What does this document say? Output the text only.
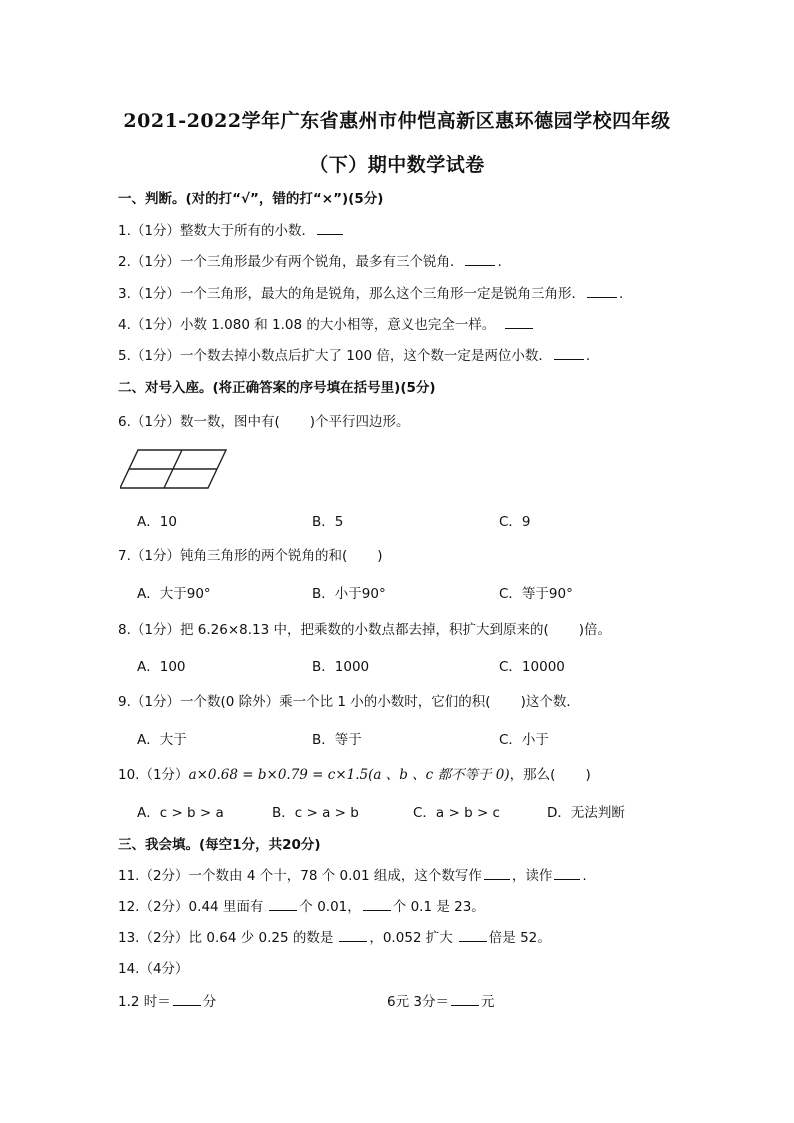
2021-2022学年广东省惠州市仲恺高新区惠环德园学校四年级
（下）期中数学试卷
一、判断。(对的打“√”，错的打“×”)(5分)
1.（1分）整数大于所有的小数．
2.（1分）一个三角形最少有两个锐角，最多有三个锐角．	.
3.（1分）一个三角形，最大的角是锐角，那么这个三角形一定是锐角三角形．	.
4.（1分）小数 1.080 和 1.08 的大小相等，意义也完全一样。
5.（1分）一个数去掉小数点后扩大了 100 倍，这个数一定是两位小数．	.
二、对号入座。(将正确答案的序号填在括号里)(5分)
6.（1分）数一数，图中有( )个平行四边形。
A．10	B．5	C．9
7.（1分）钝角三角形的两个锐角的和( )
A．大于90°	B．小于90°	C．等于90°
8.（1分）把 6.26×8.13 中，把乘数的小数点都去掉，积扩大到原来的( )倍。
A．100	B．1000	C．10000
9.（1分）一个数(0 除外）乘一个比 1 小的小数时，它们的积( )这个数．
A．大于	B．等于	C．小于
10.（1分）a×0.68 = b×0.79 = c×1.5(a 、b 、c 都不等于 0)，那么( )
A．c > b > a	B．c > a > b	C．a > b > c	D．无法判断
三、我会填。(每空1分，共20分)
11.（2分）一个数由 4 个十，78 个 0.01 组成，这个数写作 ，读作 .
12.（2分）0.44 里面有	个 0.01， 个 0.1 是 23。
13.（2分）比 0.64 少 0.25 的数是	，0.052 扩大	倍是 52。
14.（4分）
1.2 时＝ 分	6元 3分＝ 元
